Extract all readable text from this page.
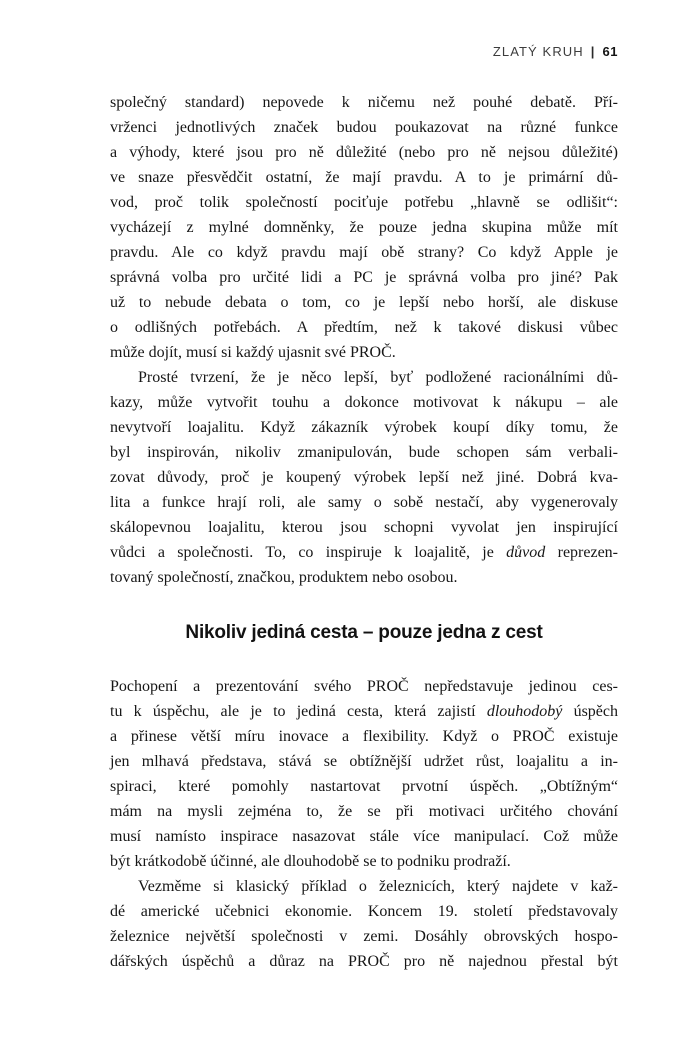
ZLATÝ KRUH | 61
společný standard) nepovede k ničemu než pouhé debatě. Pří-
vrženci jednotlivých značek budou poukazovat na různé funkce
a výhody, které jsou pro ně důležité (nebo pro ně nejsou důležité)
ve snaze přesvědčit ostatní, že mají pravdu. A to je primární dů-
vod, proč tolik společností pociťuje potřebu „hlavně se odlišit“:
vycházejí z mylné domněnky, že pouze jedna skupina může mít
pravdu. Ale co když pravdu mají obě strany? Co když Apple je
správná volba pro určité lidi a PC je správná volba pro jiné? Pak
už to nebude debata o tom, co je lepší nebo horší, ale diskuse
o odlišných potřebách. A předtím, než k takové diskusi vůbec
může dojít, musí si každý ujasnit své PROČ.
Prosté tvrzení, že je něco lepší, byť podložené racionálními dů-
kazy, může vytvořit touhu a dokonce motivovat k nákupu – ale
nevytvoří loajalitu. Když zákazník výrobek koupí díky tomu, že
byl inspirován, nikoliv zmanipulován, bude schopen sám verbali-
zovat důvody, proč je koupený výrobek lepší než jiné. Dobrá kva-
lita a funkce hrají roli, ale samy o sobě nestačí, aby vygenerovaly
skálopevnou loajalitu, kterou jsou schopni vyvolat jen inspirující
vůdci a společnosti. To, co inspiruje k loajalitě, je důvod reprezen-
tovaný společností, značkou, produktem nebo osobou.
Nikoliv jediná cesta – pouze jedna z cest
Pochopení a prezentování svého PROČ nepředstavuje jedinou ces-
tu k úspěchu, ale je to jediná cesta, která zajistí dlouhodobý úspěch
a přinese větší míru inovace a flexibility. Když o PROČ existuje
jen mlhavá představa, stává se obtížnější udržet růst, loajalitu a in-
spiraci, které pomohly nastartovat prvotní úspěch. „Obtížným“
mám na mysli zejména to, že se při motivaci určitého chování
musí namísto inspirace nasazovat stále více manipulací. Což může
být krátkodobě účinné, ale dlouhodobě se to podniku prodraží.
Vezměme si klasický příklad o železnicích, který najdete v kaž-
dé americké učebnici ekonomie. Koncem 19. století představovaly
železnice největší společnosti v zemi. Dosáhly obrovských hospo-
dářských úspěchů a důraz na PROČ pro ně najednou přestal být
